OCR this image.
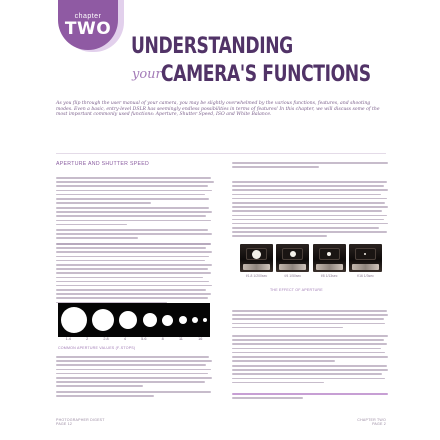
chapter
TWO
UNDERSTANDING
your CAMERA'S FUNCTIONS
As you flip through the user manual of your camera, you may be slightly overwhelmed by the various functions, features, and shooting modes. Even a basic, entry-level DSLR has seemingly endless possibilities in terms of features! In this chapter, we will discuss some of the most important commonly used functions: Aperture, Shutter Speed, ISO and White Balance.
APERTURE AND SHUTTER SPEED
1.4	2	2.8	4	5.6	8	11	16
COMMON APERTURE VALUES (F-STOPS)
f/1.8 1/200sec	f/4 1/50sec	f/8 1/13sec	f/16 1/3sec
THE EFFECT OF APERTURE
PHOTOGRAPHER DIGEST
PAGE 12
CHAPTER TWO
PAGE 2
